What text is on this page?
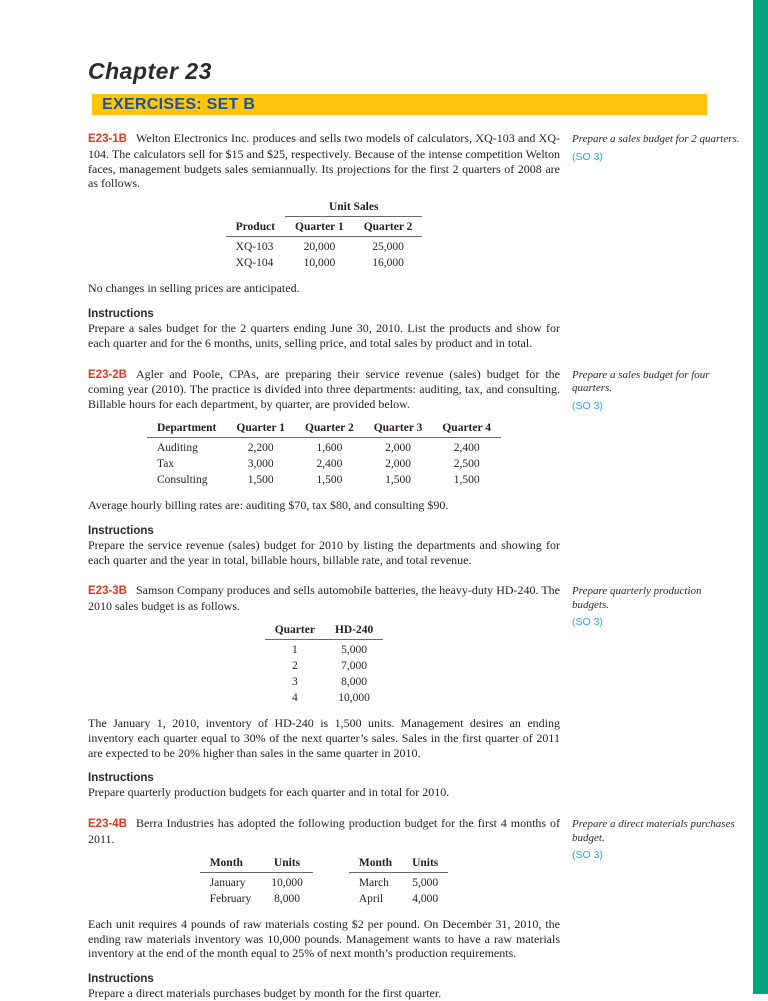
Chapter 23
EXERCISES: SET B

E23-1B Welton Electronics Inc. produces and sells two models of calculators, XQ-103 and XQ-104. The calculators sell for $15 and $25, respectively. Because of the intense competition Welton faces, management budgets sales semiannually. Its projections for the first 2 quarters of 2008 are as follows.

	Unit Sales	
Product	Quarter 1	Quarter 2
XQ-103	20,000	25,000
XQ-104	10,000	16,000

No changes in selling prices are anticipated.

Instructions

Prepare a sales budget for the 2 quarters ending June 30, 2010. List the products and show for each quarter and for the 6 months, units, selling price, and total sales by product and in total.

Prepare a sales budget for 2 quarters.
(SO 3)

E23-2B Agler and Poole, CPAs, are preparing their service revenue (sales) budget for the coming year (2010). The practice is divided into three departments: auditing, tax, and consulting. Billable hours for each department, by quarter, are provided below.

Department	Quarter 1	Quarter 2	Quarter 3	Quarter 4
Auditing	2,200	1,600	2,000	2,400
Tax	3,000	2,400	2,000	2,500
Consulting	1,500	1,500	1,500	1,500

Average hourly billing rates are: auditing $70, tax $80, and consulting $90.

Instructions

Prepare the service revenue (sales) budget for 2010 by listing the departments and showing for each quarter and the year in total, billable hours, billable rate, and total revenue.

Prepare a sales budget for four quarters.
(SO 3)

E23-3B Samson Company produces and sells automobile batteries, the heavy-duty HD-240. The 2010 sales budget is as follows.

Quarter	HD-240
1	5,000
2	7,000
3	8,000
4	10,000

The January 1, 2010, inventory of HD-240 is 1,500 units. Management desires an ending inventory each quarter equal to 30% of the next quarter’s sales. Sales in the first quarter of 2011 are expected to be 20% higher than sales in the same quarter in 2010.

Instructions

Prepare quarterly production budgets for each quarter and in total for 2010.

Prepare quarterly production budgets.
(SO 3)

E23-4B Berra Industries has adopted the following production budget for the first 4 months of 2011.

Month	Units		Month	Units
January	10,000		March	5,000
February	8,000		April	4,000

Each unit requires 4 pounds of raw materials costing $2 per pound. On December 31, 2010, the ending raw materials inventory was 10,000 pounds. Management wants to have a raw materials inventory at the end of the month equal to 25% of next month’s production requirements.

Instructions

Prepare a direct materials purchases budget by month for the first quarter.

Prepare a direct materials purchases budget.
(SO 3)
